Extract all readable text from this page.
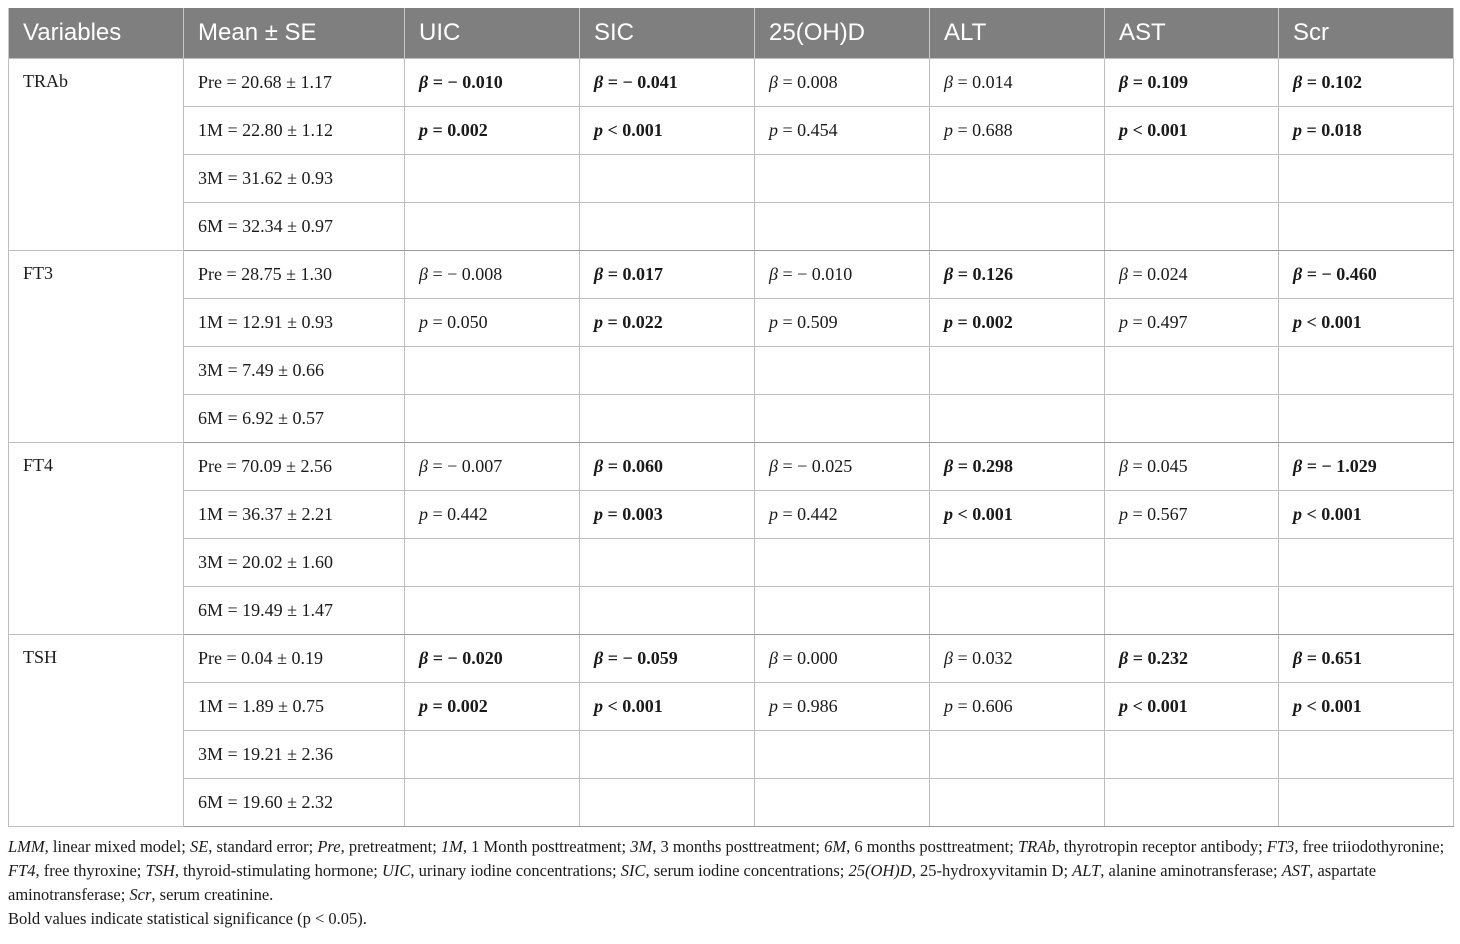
Variables	Mean ± SE	UIC	SIC	25(OH)D	ALT	AST	Scr
TRAb	Pre = 20.68 ± 1.17	β = − 0.010	β = − 0.041	β = 0.008	β = 0.014	β = 0.109	β = 0.102
	1M = 22.80 ± 1.12	p = 0.002	p < 0.001	p = 0.454	p = 0.688	p < 0.001	p = 0.018
	3M = 31.62 ± 0.93						
	6M = 32.34 ± 0.97						
FT3	Pre = 28.75 ± 1.30	β = − 0.008	β = 0.017	β = − 0.010	β = 0.126	β = 0.024	β = − 0.460
	1M = 12.91 ± 0.93	p = 0.050	p = 0.022	p = 0.509	p = 0.002	p = 0.497	p < 0.001
	3M = 7.49 ± 0.66						
	6M = 6.92 ± 0.57						
FT4	Pre = 70.09 ± 2.56	β = − 0.007	β = 0.060	β = − 0.025	β = 0.298	β = 0.045	β = − 1.029
	1M = 36.37 ± 2.21	p = 0.442	p = 0.003	p = 0.442	p < 0.001	p = 0.567	p < 0.001
	3M = 20.02 ± 1.60						
	6M = 19.49 ± 1.47						
TSH	Pre = 0.04 ± 0.19	β = − 0.020	β = − 0.059	β = 0.000	β = 0.032	β = 0.232	β = 0.651
	1M = 1.89 ± 0.75	p = 0.002	p < 0.001	p = 0.986	p = 0.606	p < 0.001	p < 0.001
	3M = 19.21 ± 2.36						
	6M = 19.60 ± 2.32						
LMM, linear mixed model; SE, standard error; Pre, pretreatment; 1M, 1 Month posttreatment; 3M, 3 months posttreatment; 6M, 6 months posttreatment; TRAb, thyrotropin receptor antibody; FT3, free triiodothyronine; FT4, free thyroxine; TSH, thyroid-stimulating hormone; UIC, urinary iodine concentrations; SIC, serum iodine concentrations; 25(OH)D, 25-hydroxyvitamin D; ALT, alanine aminotransferase; AST, aspartate aminotransferase; Scr, serum creatinine.
Bold values indicate statistical significance (p < 0.05).
